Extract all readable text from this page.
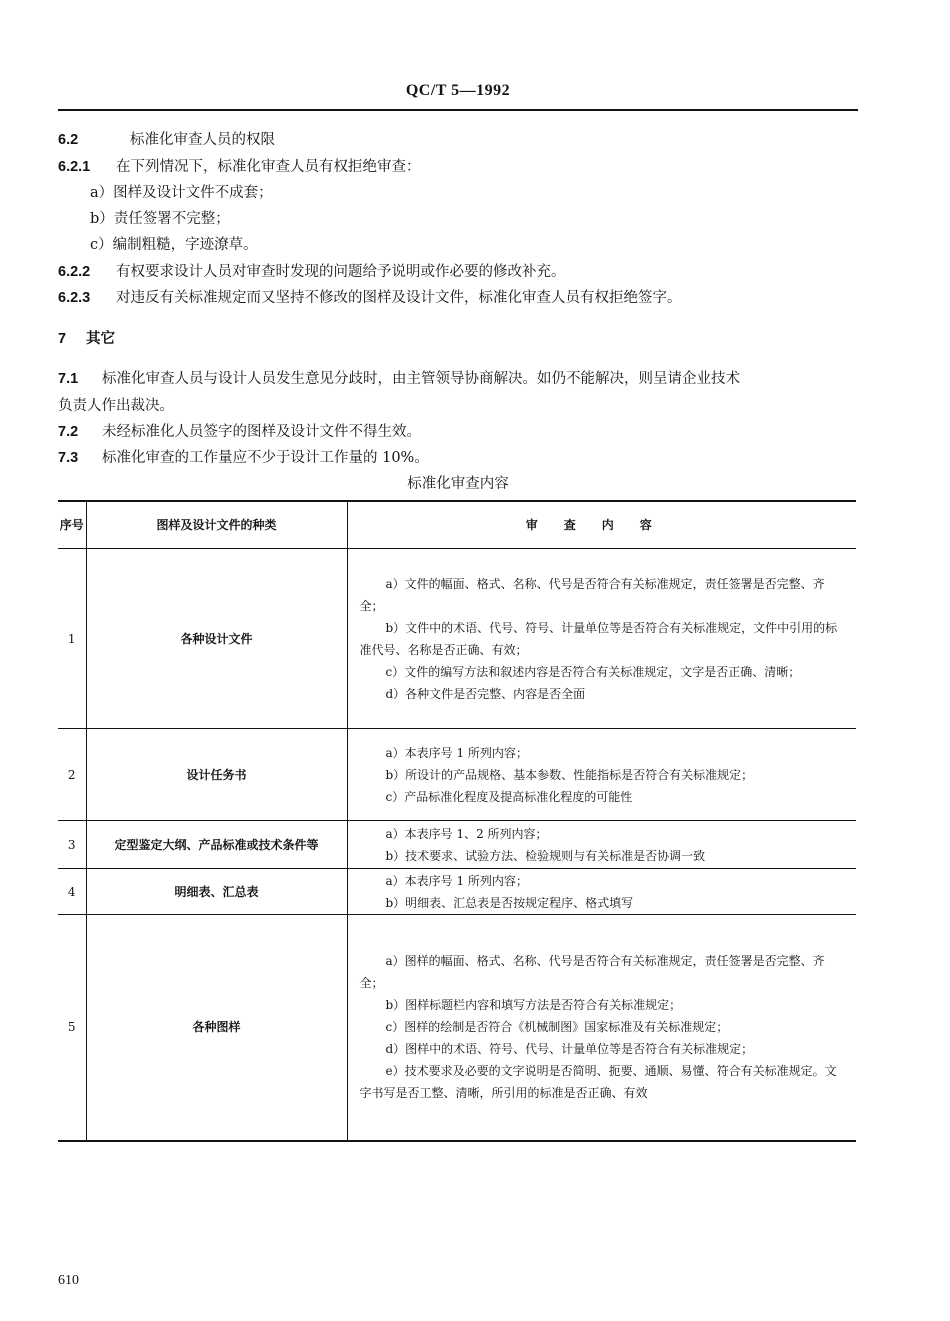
QC/T 5—1992
6.2	标准化审查人员的权限
6.2.1 在下列情况下，标准化审查人员有权拒绝审查：
a）图样及设计文件不成套；
b）责任签署不完整；
c）编制粗糙，字迹潦草。
6.2.2 有权要求设计人员对审查时发现的问题给予说明或作必要的修改补充。
6.2.3 对违反有关标准规定而又坚持不修改的图样及设计文件，标准化审查人员有权拒绝签字。
7 其它
7.1 标准化审查人员与设计人员发生意见分歧时，由主管领导协商解决。如仍不能解决，则呈请企业技术
负责人作出裁决。
7.2 未经标准化人员签字的图样及设计文件不得生效。
7.3 标准化审查的工作量应不少于设计工作量的 10%。
标准化审查内容
序号	图样及设计文件的种类	审查内容
1	各种设计文件	a）文件的幅面、格式、名称、代号是否符合有关标准规定，责任签署是否完整、齐全；
b）文件中的术语、代号、符号、计量单位等是否符合有关标准规定，文件中引用的标准代号、名称是否正确、有效；
c）文件的编写方法和叙述内容是否符合有关标准规定，文字是否正确、清晰；
d）各种文件是否完整、内容是否全面

2	设计任务书	a）本表序号 1 所列内容；
b）所设计的产品规格、基本参数、性能指标是否符合有关标准规定；
c）产品标准化程度及提高标准化程度的可能性

3	定型鉴定大纲、产品标准或技术条件等	a）本表序号 1、2 所列内容；
b）技术要求、试验方法、检验规则与有关标准是否协调一致

4	明细表、汇总表	a）本表序号 1 所列内容；
b）明细表、汇总表是否按规定程序、格式填写

5	各种图样	a）图样的幅面、格式、名称、代号是否符合有关标准规定，责任签署是否完整、齐全；
b）图样标题栏内容和填写方法是否符合有关标准规定；
c）图样的绘制是否符合《机械制图》国家标准及有关标准规定；
d）图样中的术语、符号、代号、计量单位等是否符合有关标准规定；
e）技术要求及必要的文字说明是否简明、扼要、通顺、易懂、符合有关标准规定。文字书写是否工整、清晰，所引用的标准是否正确、有效
610
